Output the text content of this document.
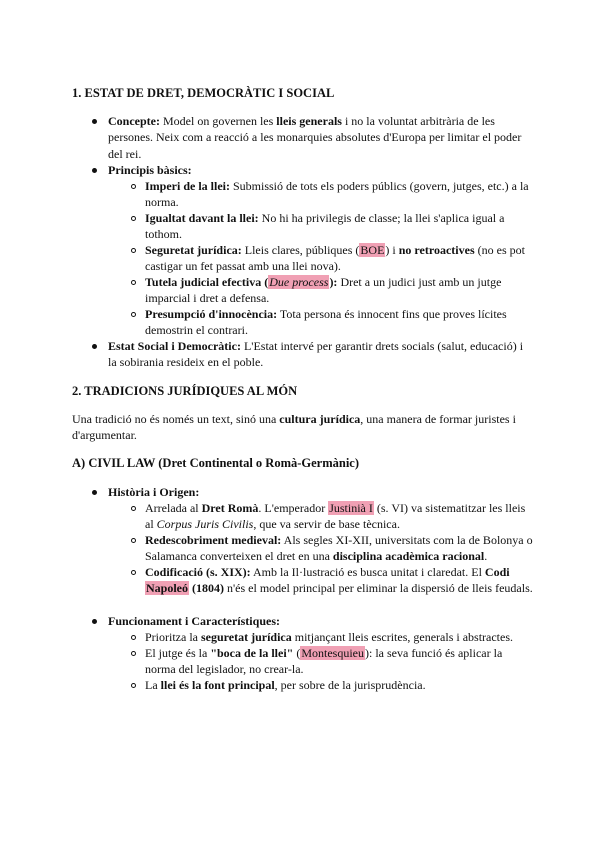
1. ESTAT DE DRET, DEMOCRÀTIC I SOCIAL
Concepte: Model on governen les lleis generals i no la voluntat arbitrària de les persones. Neix com a reacció a les monarquies absolutes d'Europa per limitar el poder del rei.
Principis bàsics:
Imperi de la llei: Submissió de tots els poders públics (govern, jutges, etc.) a la norma.
Igualtat davant la llei: No hi ha privilegis de classe; la llei s'aplica igual a tothom.
Seguretat jurídica: Lleis clares, públiques (BOE) i no retroactives (no es pot castigar un fet passat amb una llei nova).
Tutela judicial efectiva (Due process): Dret a un judici just amb un jutge imparcial i dret a defensa.
Presumpció d'innocència: Tota persona és innocent fins que proves lícites demostrin el contrari.
Estat Social i Democràtic: L'Estat intervé per garantir drets socials (salut, educació) i la sobirania resideix en el poble.
2. TRADICIONS JURÍDIQUES AL MÓN
Una tradició no és només un text, sinó una cultura jurídica, una manera de formar juristes i d'argumentar.
A) CIVIL LAW (Dret Continental o Romà-Germànic)
Història i Origen:
Arrelada al Dret Romà. L'emperador Justinià I (s. VI) va sistematitzar les lleis al Corpus Juris Civilis, que va servir de base tècnica.
Redescobriment medieval: Als segles XI-XII, universitats com la de Bolonya o Salamanca converteixen el dret en una disciplina acadèmica racional.
Codificació (s. XIX): Amb la Il·lustració es busca unitat i claredat. El Codi Napoleó (1804) n'és el model principal per eliminar la dispersió de lleis feudals.
Funcionament i Característiques:
Prioritza la seguretat jurídica mitjançant lleis escrites, generals i abstractes.
El jutge és la "boca de la llei" (Montesquieu): la seva funció és aplicar la norma del legislador, no crear-la.
La llei és la font principal, per sobre de la jurisprudència.
